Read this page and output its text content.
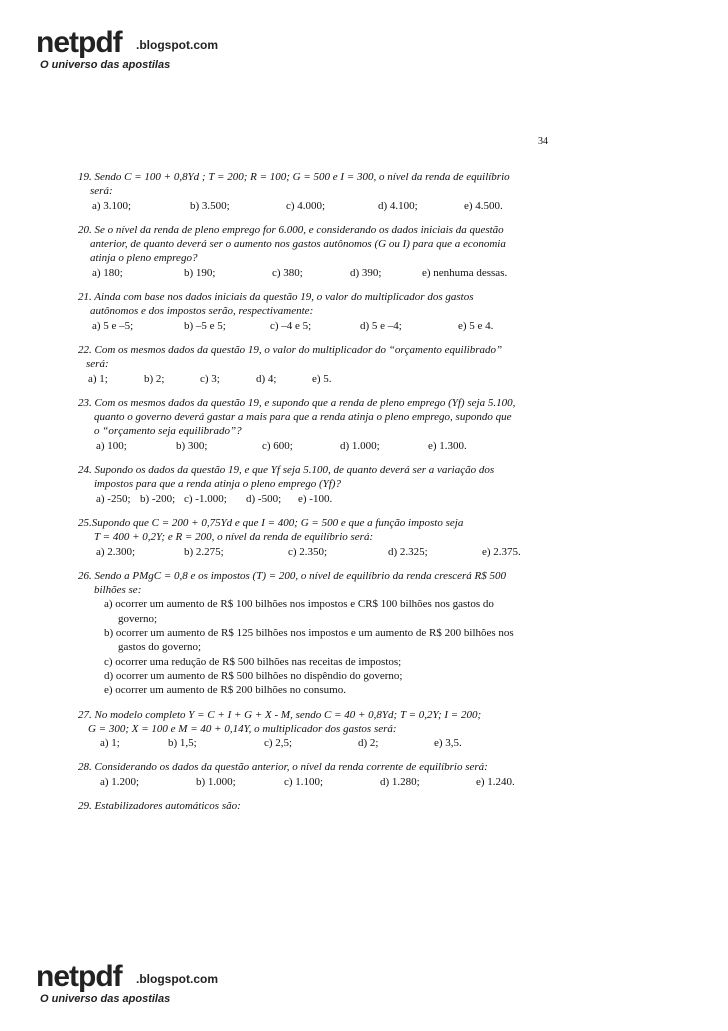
netpdf .blogspot.com
O universo das apostilas
34
19. Sendo C = 100 + 0,8Yd ; T = 200; R = 100; G = 500 e I = 300, o nível da renda de equilíbrio
será:
a) 3.100;	b) 3.500;	c) 4.000;	d) 4.100;	e) 4.500.
20. Se o nível da renda de pleno emprego for 6.000, e considerando os dados iniciais da questão
anterior, de quanto deverá ser o aumento nos gastos autônomos (G ou I) para que a economia
atinja o pleno emprego?
a) 180;	b) 190;	c) 380;	d) 390;	e) nenhuma dessas.
21. Ainda com base nos dados iniciais da questão 19, o valor do multiplicador dos gastos
autônomos e dos impostos serão, respectivamente:
a) 5 e –5;	b) –5 e 5;	c) –4 e 5;	d) 5 e –4;	e) 5 e 4.
22. Com os mesmos dados da questão 19, o valor do multiplicador do “orçamento equilibrado”
será:
a) 1;	b) 2;	c) 3;	d) 4;	e) 5.
23. Com os mesmos dados da questão 19, e supondo que a renda de pleno emprego (Yf) seja 5.100,
quanto o governo deverá gastar a mais para que a renda atinja o pleno emprego, supondo que
o “orçamento seja equilibrado”?
a) 100;	b) 300;	c) 600;	d) 1.000;	e) 1.300.
24. Supondo os dados da questão 19, e que Yf seja 5.100, de quanto deverá ser a variação dos
impostos para que a renda atinja o pleno emprego (Yf)?
a) -250; b) -200; c) -1.000;	d) -500;	e) -100.
25.Supondo que C = 200 + 0,75Yd e que I = 400; G = 500 e que a função imposto seja
T = 400 + 0,2Y; e R = 200, o nível da renda de equilíbrio será:
a) 2.300;	b) 2.275;	c) 2.350;	d) 2.325;	e) 2.375.
26. Sendo a PMgC = 0,8 e os impostos (T) = 200, o nível de equilíbrio da renda crescerá R$ 500
bilhões se:
a) ocorrer um aumento de R$ 100 bilhões nos impostos e CR$ 100 bilhões nos gastos do
governo;
b) ocorrer um aumento de R$ 125 bilhões nos impostos e um aumento de R$ 200 bilhões nos
gastos do governo;
c) ocorrer uma redução de R$ 500 bilhões nas receitas de impostos;
d) ocorrer um aumento de R$ 500 bilhões no dispêndio do governo;
e) ocorrer um aumento de R$ 200 bilhões no consumo.
27. No modelo completo Y = C + I + G + X - M, sendo C = 40 + 0,8Yd; T = 0,2Y; I = 200;
G = 300; X = 100 e M = 40 + 0,14Y, o multiplicador dos gastos será:
a) 1;	b) 1,5;	c) 2,5;	d) 2;	e) 3,5.
28. Considerando os dados da questão anterior, o nível da renda corrente de equilíbrio será:
a) 1.200;	b) 1.000;	c) 1.100;	d) 1.280;	e) 1.240.
29. Estabilizadores automáticos são:
netpdf .blogspot.com
O universo das apostilas
